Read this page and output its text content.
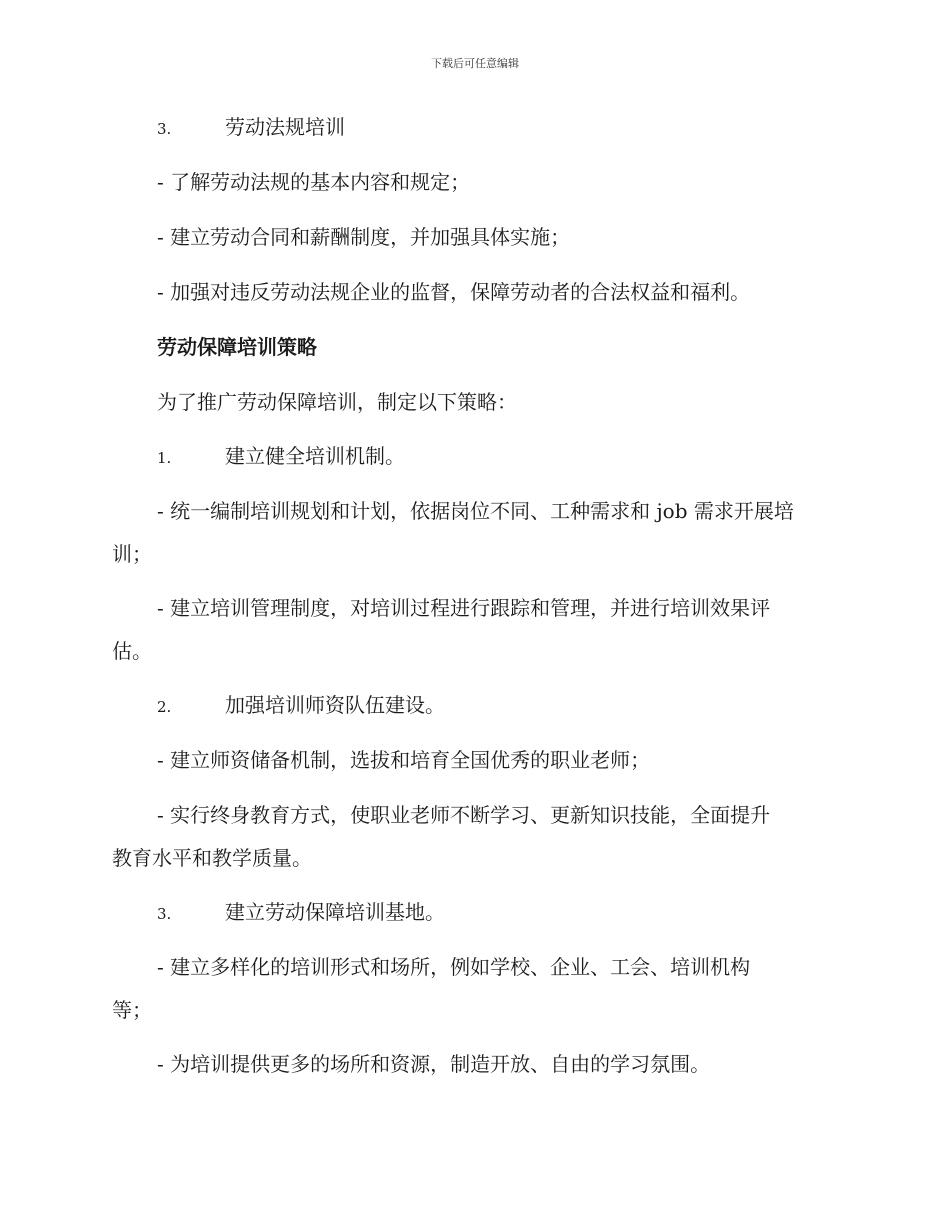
下载后可任意编辑
3.	劳动法规培训
- 了解劳动法规的基本内容和规定；
- 建立劳动合同和薪酬制度，并加强具体实施；
- 加强对违反劳动法规企业的监督，保障劳动者的合法权益和福利。
劳动保障培训策略
为了推广劳动保障培训，制定以下策略：
1.	建立健全培训机制。
- 统一编制培训规划和计划，依据岗位不同、工种需求和 job 需求开展培
训；
- 建立培训管理制度，对培训过程进行跟踪和管理，并进行培训效果评
估。
2.	加强培训师资队伍建设。
- 建立师资储备机制，选拔和培育全国优秀的职业老师；
- 实行终身教育方式，使职业老师不断学习、更新知识技能，全面提升
教育水平和教学质量。
3.	建立劳动保障培训基地。
- 建立多样化的培训形式和场所，例如学校、企业、工会、培训机构
等；
- 为培训提供更多的场所和资源，制造开放、自由的学习氛围。
